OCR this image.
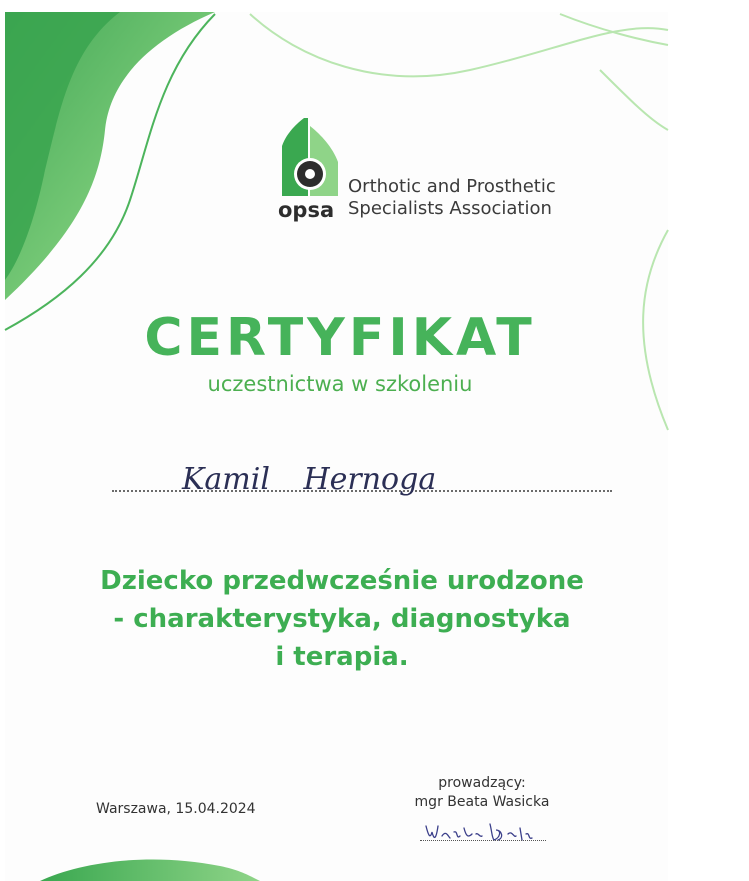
opsa
Orthotic and Prosthetic
Specialists Association
CERTYFIKAT
uczestnictwa w szkoleniu
Kamil Hernoga
Dziecko przedwcześnie urodzone
- charakterystyka, diagnostyka
i terapia.
Warszawa, 15.04.2024
prowadzący:
mgr Beata Wasicka
